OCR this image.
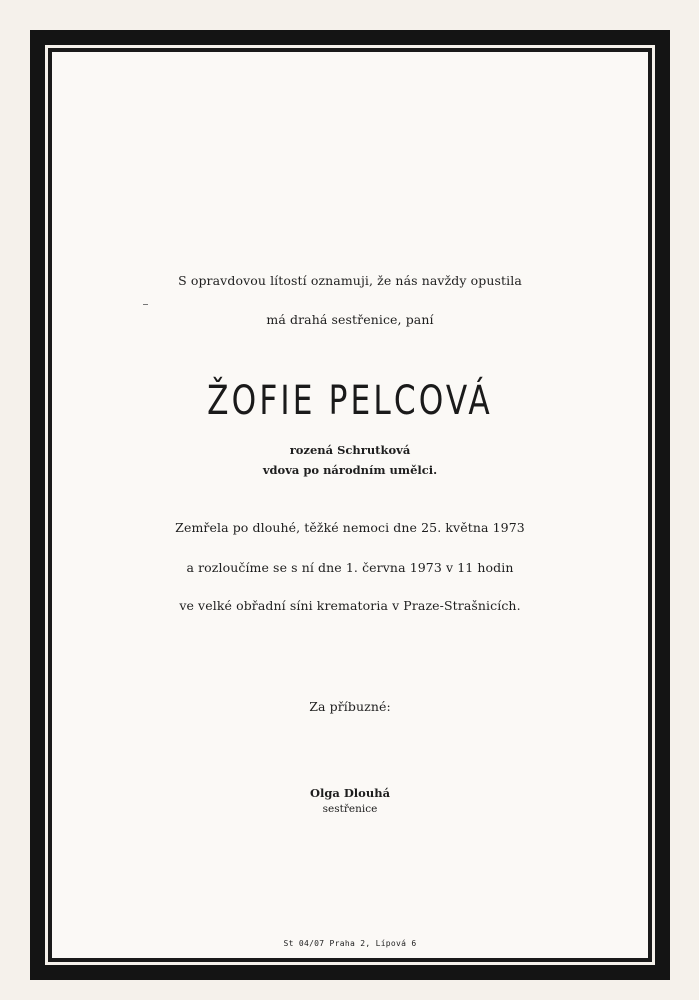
S opravdovou lítostí oznamuji, že nás navždy opustila
má drahá sestřenice, paní
ŽOFIE PELCOVÁ
rozená Schrutková
vdova po národním umělci.
Zemřela po dlouhé, těžké nemoci dne 25. května 1973
a rozloučíme se s ní dne 1. června 1973 v 11 hodin
ve velké obřadní síni krematoria v Praze-Strašnicích.
Za příbuzné:
Olga Dlouhá
sestřenice
St 04/07 Praha 2, Lípová 6
